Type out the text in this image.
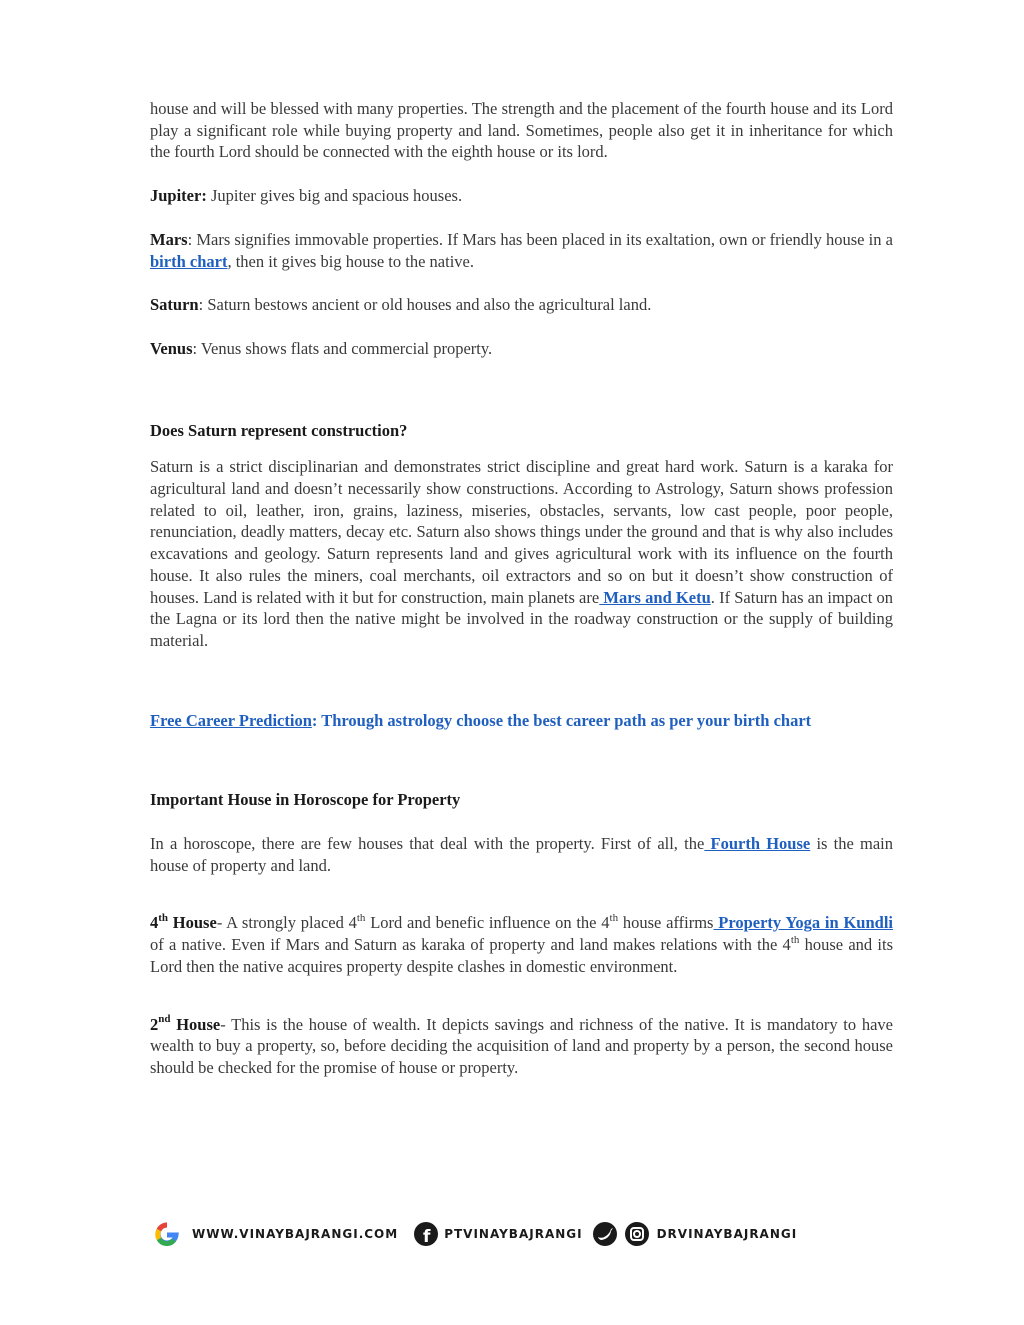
house and will be blessed with many properties. The strength and the placement of the fourth house and its Lord play a significant role while buying property and land. Sometimes, people also get it in inheritance for which the fourth Lord should be connected with the eighth house or its lord.

Jupiter: Jupiter gives big and spacious houses.

Mars: Mars signifies immovable properties. If Mars has been placed in its exaltation, own or friendly house in a birth chart, then it gives big house to the native.

Saturn: Saturn bestows ancient or old houses and also the agricultural land.

Venus: Venus shows flats and commercial property.

Does Saturn represent construction?

Saturn is a strict disciplinarian and demonstrates strict discipline and great hard work. Saturn is a karaka for agricultural land and doesn’t necessarily show constructions. According to Astrology, Saturn shows profession related to oil, leather, iron, grains, laziness, miseries, obstacles, servants, low cast people, poor people, renunciation, deadly matters, decay etc. Saturn also shows things under the ground and that is why also includes excavations and geology. Saturn represents land and gives agricultural work with its influence on the fourth house. It also rules the miners, coal merchants, oil extractors and so on but it doesn’t show construction of houses. Land is related with it but for construction, main planets are Mars and Ketu. If Saturn has an impact on the Lagna or its lord then the native might be involved in the roadway construction or the supply of building material.

Free Career Prediction: Through astrology choose the best career path as per your birth chart

Important House in Horoscope for Property

In a horoscope, there are few houses that deal with the property. First of all, the Fourth House is the main house of property and land.

4th House- A strongly placed 4th Lord and benefic influence on the 4th house affirms Property Yoga in Kundli of a native. Even if Mars and Saturn as karaka of property and land makes relations with the 4th house and its Lord then the native acquires property despite clashes in domestic environment.

2nd House- This is the house of wealth. It depicts savings and richness of the native. It is mandatory to have wealth to buy a property, so, before deciding the acquisition of land and property by a person, the second house should be checked for the promise of house or property.

WWW.VINAYBAJRANGI.COM f PTVINAYBAJRANGI	DRVINAYBAJRANGI
